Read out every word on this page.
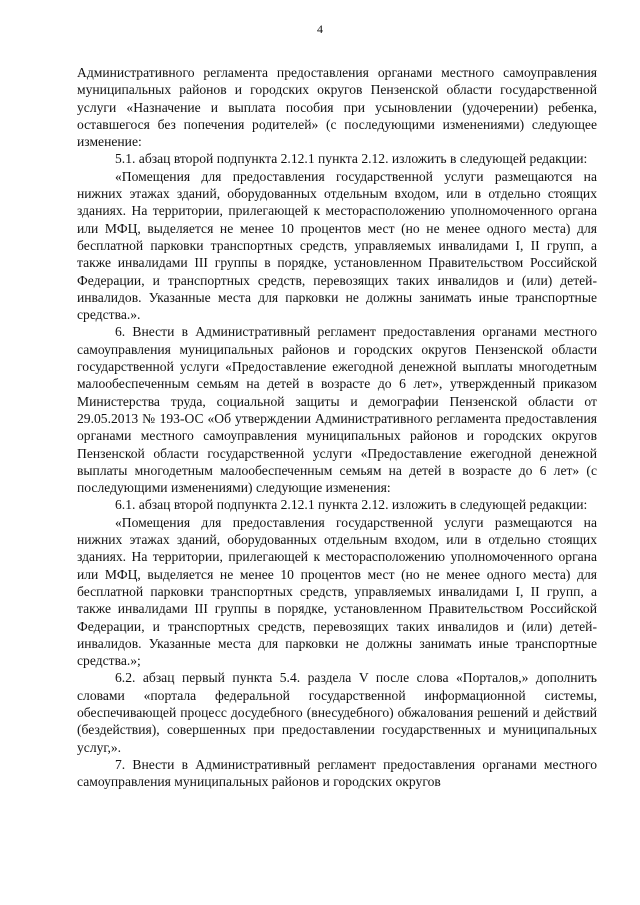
4

Административного регламента предоставления органами местного самоуправления муниципальных районов и городских округов Пензенской области государственной услуги «Назначение и выплата пособия при усыновлении (удочерении) ребенка, оставшегося без попечения родителей» (с последующими изменениями) следующее изменение:

5.1. абзац второй подпункта 2.12.1 пункта 2.12. изложить в следующей редакции:

«Помещения для предоставления государственной услуги размещаются на нижних этажах зданий, оборудованных отдельным входом, или в отдельно стоящих зданиях. На территории, прилегающей к месторасположению уполномоченного органа или МФЦ, выделяется не менее 10 процентов мест (но не менее одного места) для бесплатной парковки транспортных средств, управляемых инвалидами I, II групп, а также инвалидами III группы в порядке, установленном Правительством Российской Федерации, и транспортных средств, перевозящих таких инвалидов и (или) детей-инвалидов. Указанные места для парковки не должны занимать иные транспортные средства.».

6. Внести в Административный регламент предоставления органами местного самоуправления муниципальных районов и городских округов Пензенской области государственной услуги «Предоставление ежегодной денежной выплаты многодетным малообеспеченным семьям на детей в возрасте до 6 лет», утвержденный приказом Министерства труда, социальной защиты и демографии Пензенской области от 29.05.2013 № 193-ОС «Об утверждении Административного регламента предоставления органами местного самоуправления муниципальных районов и городских округов Пензенской области государственной услуги «Предоставление ежегодной денежной выплаты многодетным малообеспеченным семьям на детей в возрасте до 6 лет» (с последующими изменениями) следующие изменения:

6.1. абзац второй подпункта 2.12.1 пункта 2.12. изложить в следующей редакции:

«Помещения для предоставления государственной услуги размещаются на нижних этажах зданий, оборудованных отдельным входом, или в отдельно стоящих зданиях. На территории, прилегающей к месторасположению уполномоченного органа или МФЦ, выделяется не менее 10 процентов мест (но не менее одного места) для бесплатной парковки транспортных средств, управляемых инвалидами I, II групп, а также инвалидами III группы в порядке, установленном Правительством Российской Федерации, и транспортных средств, перевозящих таких инвалидов и (или) детей-инвалидов. Указанные места для парковки не должны занимать иные транспортные средства.»;

6.2. абзац первый пункта 5.4. раздела V после слова «Порталов,» дополнить словами «портала федеральной государственной информационной системы, обеспечивающей процесс досудебного (внесудебного) обжалования решений и действий (бездействия), совершенных при предоставлении государственных и муниципальных услуг,».

7. Внести в Административный регламент предоставления органами местного самоуправления муниципальных районов и городских округов
